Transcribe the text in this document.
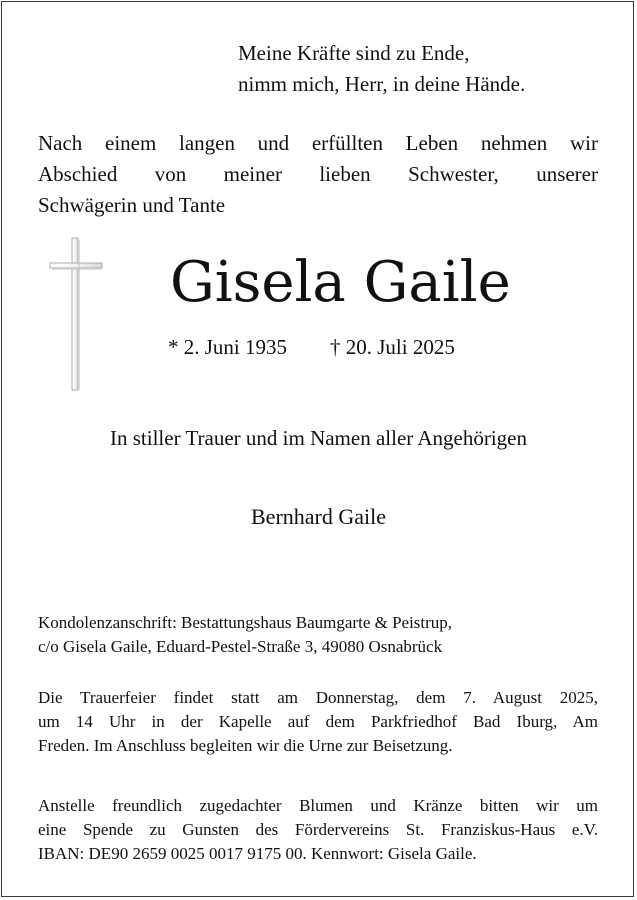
Meine Kräfte sind zu Ende,
nimm mich, Herr, in deine Hände.
Nach einem langen und erfüllten Leben nehmen wir
Abschied von meiner lieben Schwester, unserer
Schwägerin und Tante
Gisela Gaile
* 2. Juni 1935 † 20. Juli 2025
In stiller Trauer und im Namen aller Angehörigen
Bernhard Gaile
Kondolenzanschrift: Bestattungshaus Baumgarte & Peistrup,
c/o Gisela Gaile, Eduard-Pestel-Straße 3, 49080 Osnabrück
Die Trauerfeier findet statt am Donnerstag, dem 7. August 2025,
um 14 Uhr in der Kapelle auf dem Parkfriedhof Bad Iburg, Am
Freden. Im Anschluss begleiten wir die Urne zur Beisetzung.
Anstelle freundlich zugedachter Blumen und Kränze bitten wir um
eine Spende zu Gunsten des Fördervereins St. Franziskus-Haus e.V.
IBAN: DE90 2659 0025 0017 9175 00. Kennwort: Gisela Gaile.
